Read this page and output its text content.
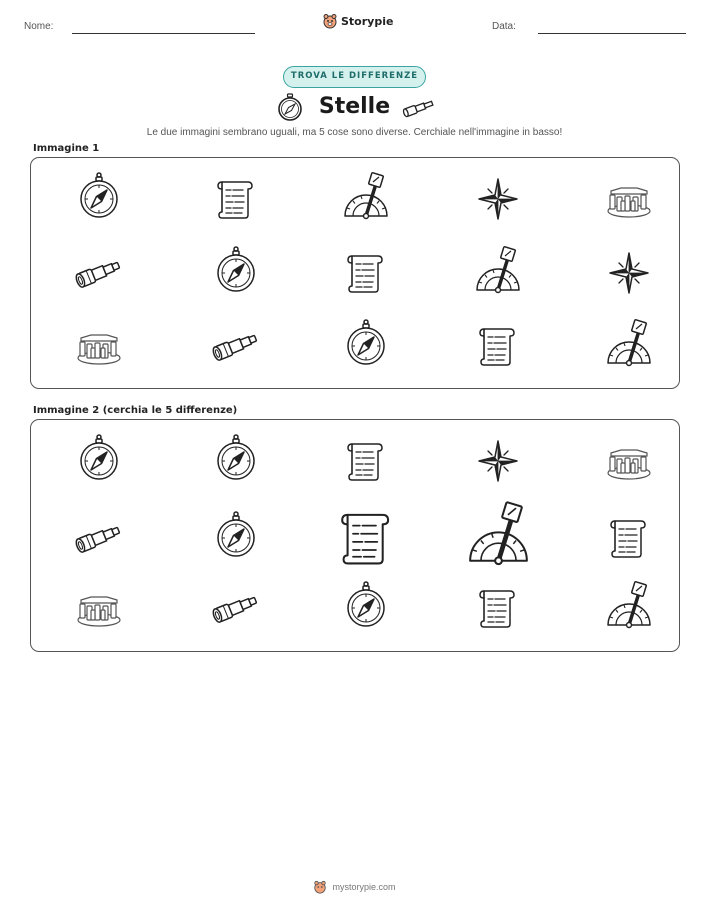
Nome:	Storypie	Data:
TROVA LE DIFFERENZE
Stelle
Le due immagini sembrano uguali, ma 5 cose sono diverse. Cerchiale nell'immagine in basso!
Immagine 1
Immagine 2 (cerchia le 5 differenze)
mystorypie.com
